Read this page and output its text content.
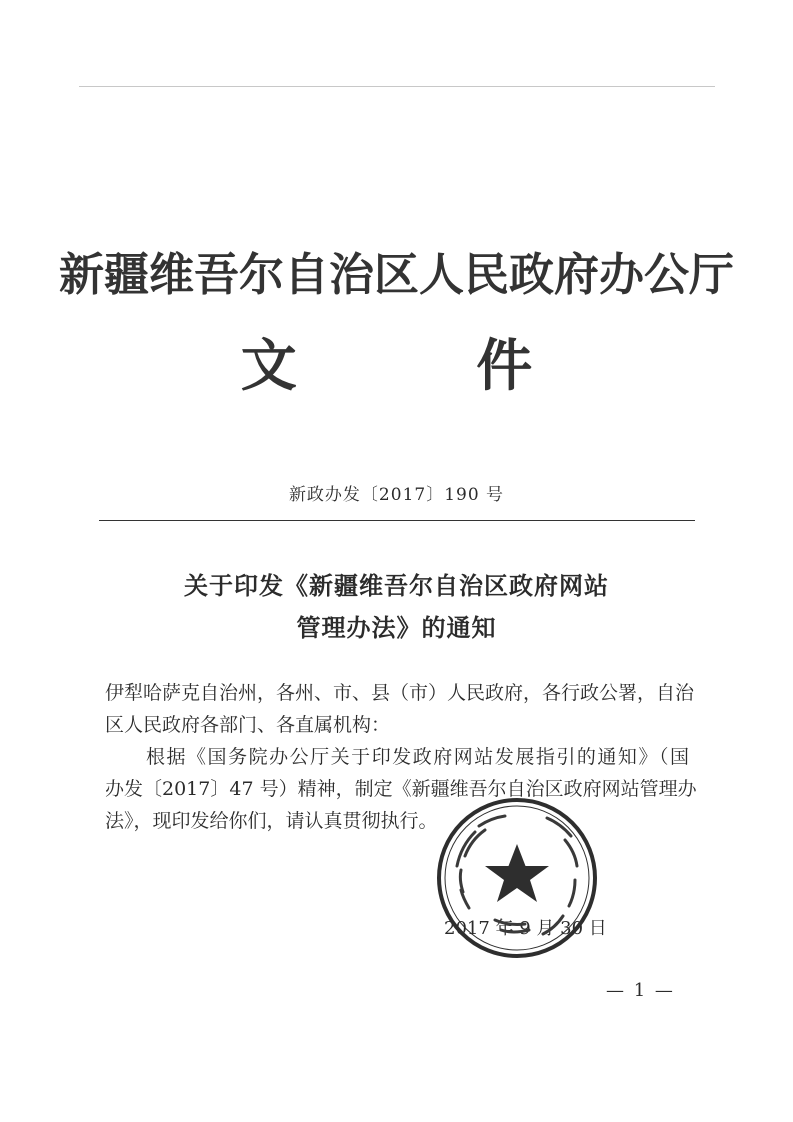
新疆维吾尔自治区人民政府办公厅
文 件
新政办发〔2017〕190 号
关于印发《新疆维吾尔自治区政府网站
管理办法》的通知
伊犁哈萨克自治州，各州、市、县（市）人民政府，各行政公署，自治
区人民政府各部门、各直属机构：
根据《国务院办公厅关于印发政府网站发展指引的通知》（国
办发〔2017〕47 号）精神，制定《新疆维吾尔自治区政府网站管理办
法》，现印发给你们，请认真贯彻执行。
2017 年 9 月 30 日
— 1 —
